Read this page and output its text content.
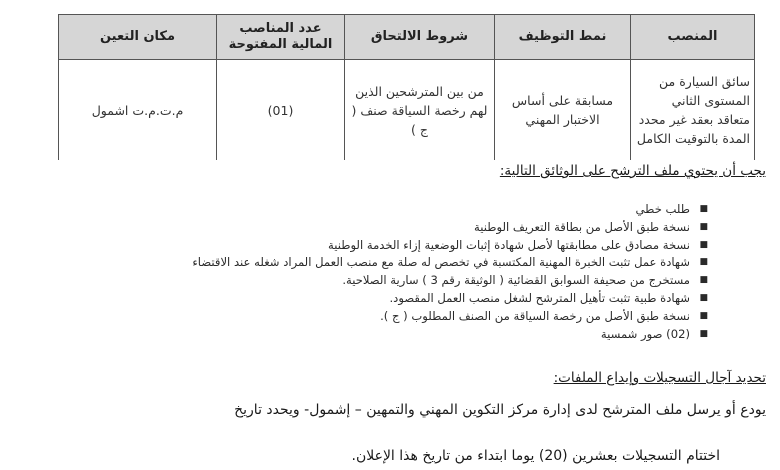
المنصب	نمط التوظيف	شروط الالتحاق	عدد المناصب المالية المفتوحة	مكان التعين
سائق السيارة من المستوى الثاني متعاقد بعقد غير محدد المدة بالتوقيت الكامل	مسابقة على أساس الاختبار المهني	من بين المترشحين الذين لهم رخصة السياقة صنف ( ج )	(01)	م.ت.م.ت اشمول
يجب أن يحتوي ملف الترشح على الوثائق التالية:
■
طلب خطي
■
نسخة طبق الأصل من بطاقة التعريف الوطنية
■
نسخة مصادق على مطابقتها لأصل شهادة إثبات الوضعية إزاء الخدمة الوطنية
■
شهادة عمل تثبت الخبرة المهنية المكتسبة في تخصص له صلة مع منصب العمل المراد شغله عند الاقتضاء
■
مستخرج من صحيفة السوابق القضائية ( الوثيقة رقم 3 ) سارية الصلاحية.
■
شهادة طبية تثبت تأهيل المترشح لشغل منصب العمل المقصود.
■
نسخة طبق الأصل من رخصة السياقة من الصنف المطلوب ( ج ).
■
(02) صور شمسية
تحديد آجال التسجيلات وإيداع الملفات:
يودع أو يرسل ملف المترشح لدى إدارة مركز التكوين المهني والتمهين – إشمول- ويحدد تاريخ
اختتام التسجيلات بعشرين (20) يوما ابتداء من تاريخ هذا الإعلان.
